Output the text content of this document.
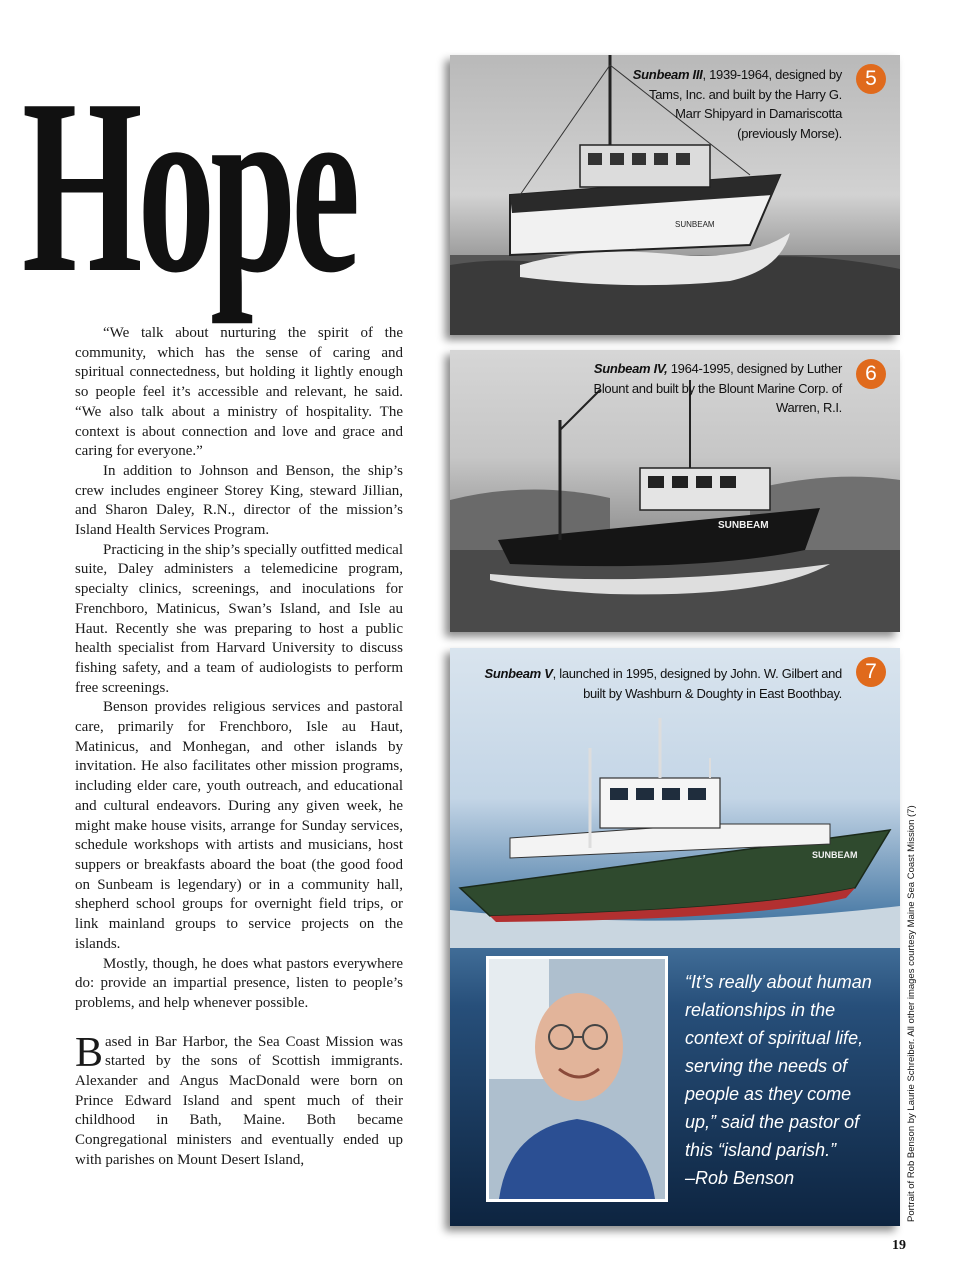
Hope

“We talk about nurturing the spirit of the community, which has the sense of caring and spiritual connectedness, but holding it lightly enough so people feel it’s accessible and relevant, he said. “We also talk about a ministry of hospitality. The context is about connection and love and grace and caring for everyone.”

In addition to Johnson and Benson, the ship’s crew includes engineer Storey King, steward Jillian, and Sharon Daley, R.N., director of the mission’s Island Health Services Program.

Practicing in the ship’s specially outfitted medical suite, Daley administers a telemedicine program, specialty clinics, screenings, and inoculations for Frenchboro, Matinicus, Swan’s Island, and Isle au Haut. Recently she was preparing to host a public health specialist from Harvard University to discuss fishing safety, and a team of audiologists to perform free screenings.

Benson provides religious services and pastoral care, primarily for Frenchboro, Isle au Haut, Matinicus, and Monhegan, and other islands by invitation. He also facilitates other mission programs, including elder care, youth outreach, and educational and cultural endeavors. During any given week, he might make house visits, arrange for Sunday services, schedule workshops with artists and musicians, host suppers or breakfasts aboard the boat (the good food on Sunbeam is legendary) or in a community hall, shepherd school groups for overnight field trips, or link mainland groups to service projects on the islands.

Mostly, though, he does what pastors everywhere do: provide an impartial presence, listen to people’s problems, and help whenever possible.

Based in Bar Harbor, the Sea Coast Mission was started by the sons of Scottish immigrants. Alexander and Angus MacDonald were born on Prince Edward Island and spent much of their childhood in Bath, Maine. Both became Congregational ministers and eventually ended up with parishes on Mount Desert Island,

SUNBEAM
Sunbeam III, 1939-1964, designed by Tams, Inc. and built by the Harry G. Marr Shipyard in Damariscotta (previously Morse).
5
SUNBEAM
Sunbeam IV, 1964-1995, designed by Luther Blount and built by the Blount Marine Corp. of Warren, R.I.
6
SUNBEAM
Sunbeam V, launched in 1995, designed by John. W. Gilbert and built by Washburn & Doughty in East Boothbay.
7
“It’s really about human relationships in the context of spiritual life, serving the needs of people as they come up,” said the pastor of this “island parish.”
–Rob Benson	Portrait of Rob Benson by Laurie Schreiber. All other images courtesy Maine Sea Coast Mission (7)
19
